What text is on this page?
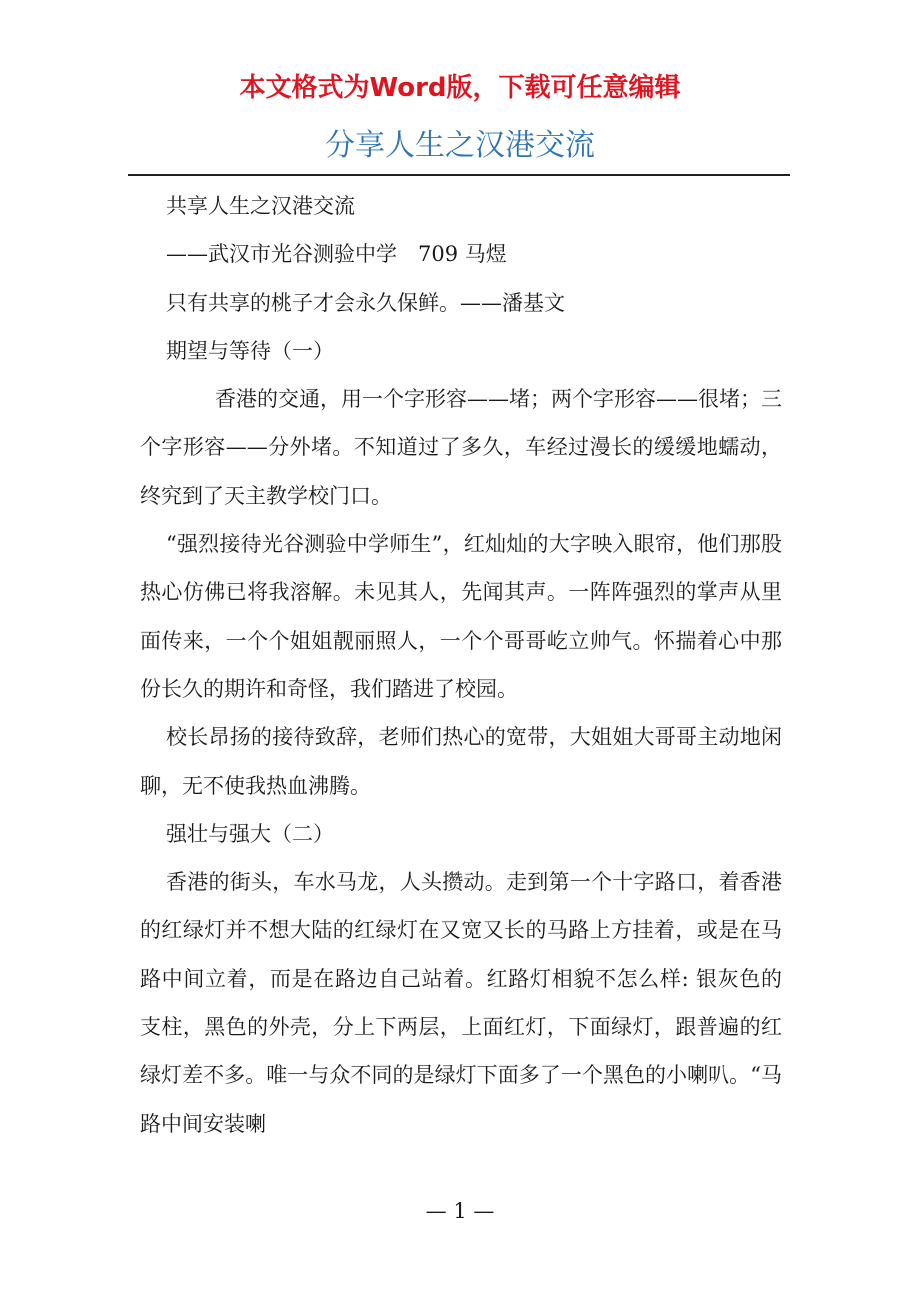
本文格式为Word版，下载可任意编辑
分享人生之汉港交流

共享人生之汉港交流

——武汉市光谷测验中学　709 马煜

只有共享的桃子才会永久保鲜。——潘基文

期望与等待（一）

香港的交通，用一个字形容——堵；两个字形容——很堵；三个字形容——分外堵。不知道过了多久，车经过漫长的缓缓地蠕动，终究到了天主教学校门口。

“强烈接待光谷测验中学师生”，红灿灿的大字映入眼帘，他们那股热心仿佛已将我溶解。未见其人，先闻其声。一阵阵强烈的掌声从里面传来，一个个姐姐靓丽照人，一个个哥哥屹立帅气。怀揣着心中那份长久的期许和奇怪，我们踏进了校园。

校长昂扬的接待致辞，老师们热心的宽带，大姐姐大哥哥主动地闲聊，无不使我热血沸腾。

强壮与强大（二）

香港的街头，车水马龙，人头攒动。走到第一个十字路口，着香港的红绿灯并不想大陆的红绿灯在又宽又长的马路上方挂着，或是在马路中间立着，而是在路边自己站着。红路灯相貌不怎么样: 银灰色的支柱，黑色的外壳，分上下两层，上面红灯，下面绿灯，跟普遍的红绿灯差不多。唯一与众不同的是绿灯下面多了一个黑色的小喇叭。“马路中间安装喇

— 1 —
